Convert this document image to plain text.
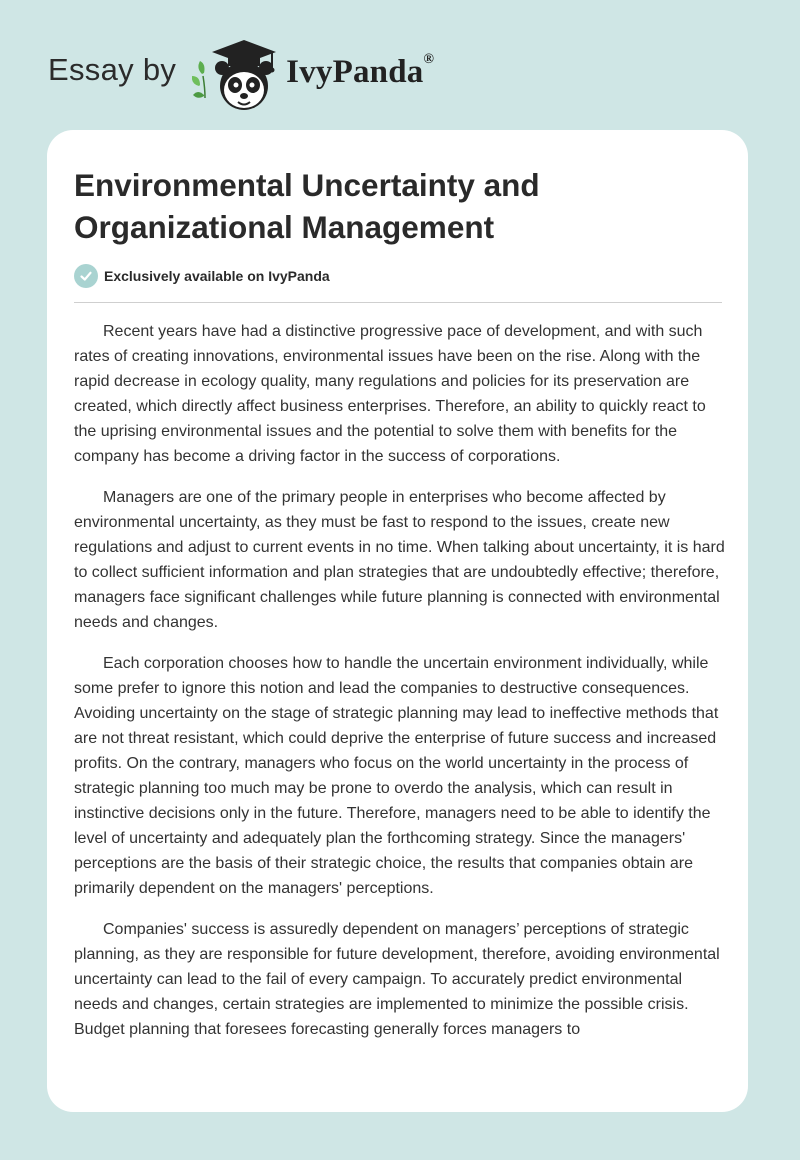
Essay by	IvyPanda®
Environmental Uncertainty and Organizational Management
Exclusively available on IvyPanda

Recent years have had a distinctive progressive pace of development, and with such rates of creating innovations, environmental issues have been on the rise. Along with the rapid decrease in ecology quality, many regulations and policies for its preservation are created, which directly affect business enterprises. Therefore, an ability to quickly react to the uprising environmental issues and the potential to solve them with benefits for the company has become a driving factor in the success of corporations.

Managers are one of the primary people in enterprises who become affected by environmental uncertainty, as they must be fast to respond to the issues, create new regulations and adjust to current events in no time. When talking about uncertainty, it is hard to collect sufficient information and plan strategies that are undoubtedly effective; therefore, managers face significant challenges while future planning is connected with environmental needs and changes.

Each corporation chooses how to handle the uncertain environment individually, while some prefer to ignore this notion and lead the companies to destructive consequences. Avoiding uncertainty on the stage of strategic planning may lead to ineffective methods that are not threat resistant, which could deprive the enterprise of future success and increased profits. On the contrary, managers who focus on the world uncertainty in the process of strategic planning too much may be prone to overdo the analysis, which can result in instinctive decisions only in the future. Therefore, managers need to be able to identify the level of uncertainty and adequately plan the forthcoming strategy. Since the managers' perceptions are the basis of their strategic choice, the results that companies obtain are primarily dependent on the managers' perceptions.

Companies' success is assuredly dependent on managers’ perceptions of strategic planning, as they are responsible for future development, therefore, avoiding environmental uncertainty can lead to the fail of every campaign. To accurately predict environmental needs and changes, certain strategies are implemented to minimize the possible crisis. Budget planning that foresees forecasting generally forces managers to
